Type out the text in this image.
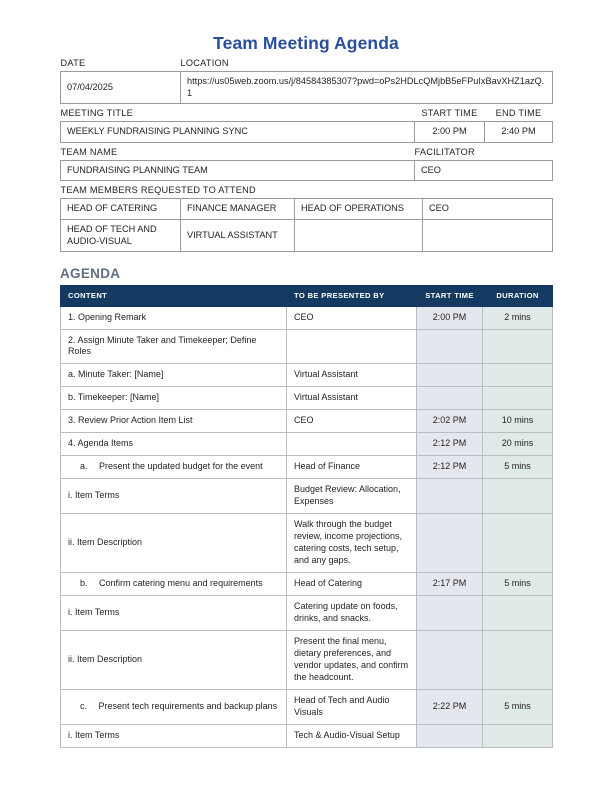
Team Meeting Agenda
DATE	LOCATION
07/04/2025	https://us05web.zoom.us/j/84584385307?pwd=oPs2HDLcQMjbB5eFPuIxBavXHZ1azQ.1
MEETING TITLE	START TIME	END TIME
WEEKLY FUNDRAISING PLANNING SYNC	2:00 PM	2:40 PM
TEAM NAME	FACILITATOR
FUNDRAISING PLANNING TEAM	CEO
TEAM MEMBERS REQUESTED TO ATTEND			
HEAD OF CATERING	FINANCE MANAGER	HEAD OF OPERATIONS	CEO
HEAD OF TECH AND AUDIO-VISUAL	VIRTUAL ASSISTANT		
AGENDA
CONTENT	TO BE PRESENTED BY	START TIME	DURATION
1. Opening Remark	CEO	2:00 PM	2 mins
2. Assign Minute Taker and Timekeeper; Define Roles			
a. Minute Taker: [Name]	Virtual Assistant		
b. Timekeeper: [Name]	Virtual Assistant		
3. Review Prior Action Item List	CEO	2:02 PM	10 mins
4. Agenda Items		2:12 PM	20 mins

a.  Present the updated budget for the event	Head of Finance	2:12 PM	5 mins
i. Item Terms	Budget Review: Allocation, Expenses		
ii. Item Description	Walk through the budget review, income projections, catering costs, tech setup, and any gaps.		

b.  Confirm catering menu and requirements	Head of Catering	2:17 PM	5 mins
i. Item Terms	Catering update on foods, drinks, and snacks.		
ii. Item Description	Present the final menu, dietary preferences, and vendor updates, and confirm the headcount.		

c.  Present tech requirements and backup plans	Head of Tech and Audio Visuals	2:22 PM	5 mins
i. Item Terms	Tech & Audio-Visual Setup		
